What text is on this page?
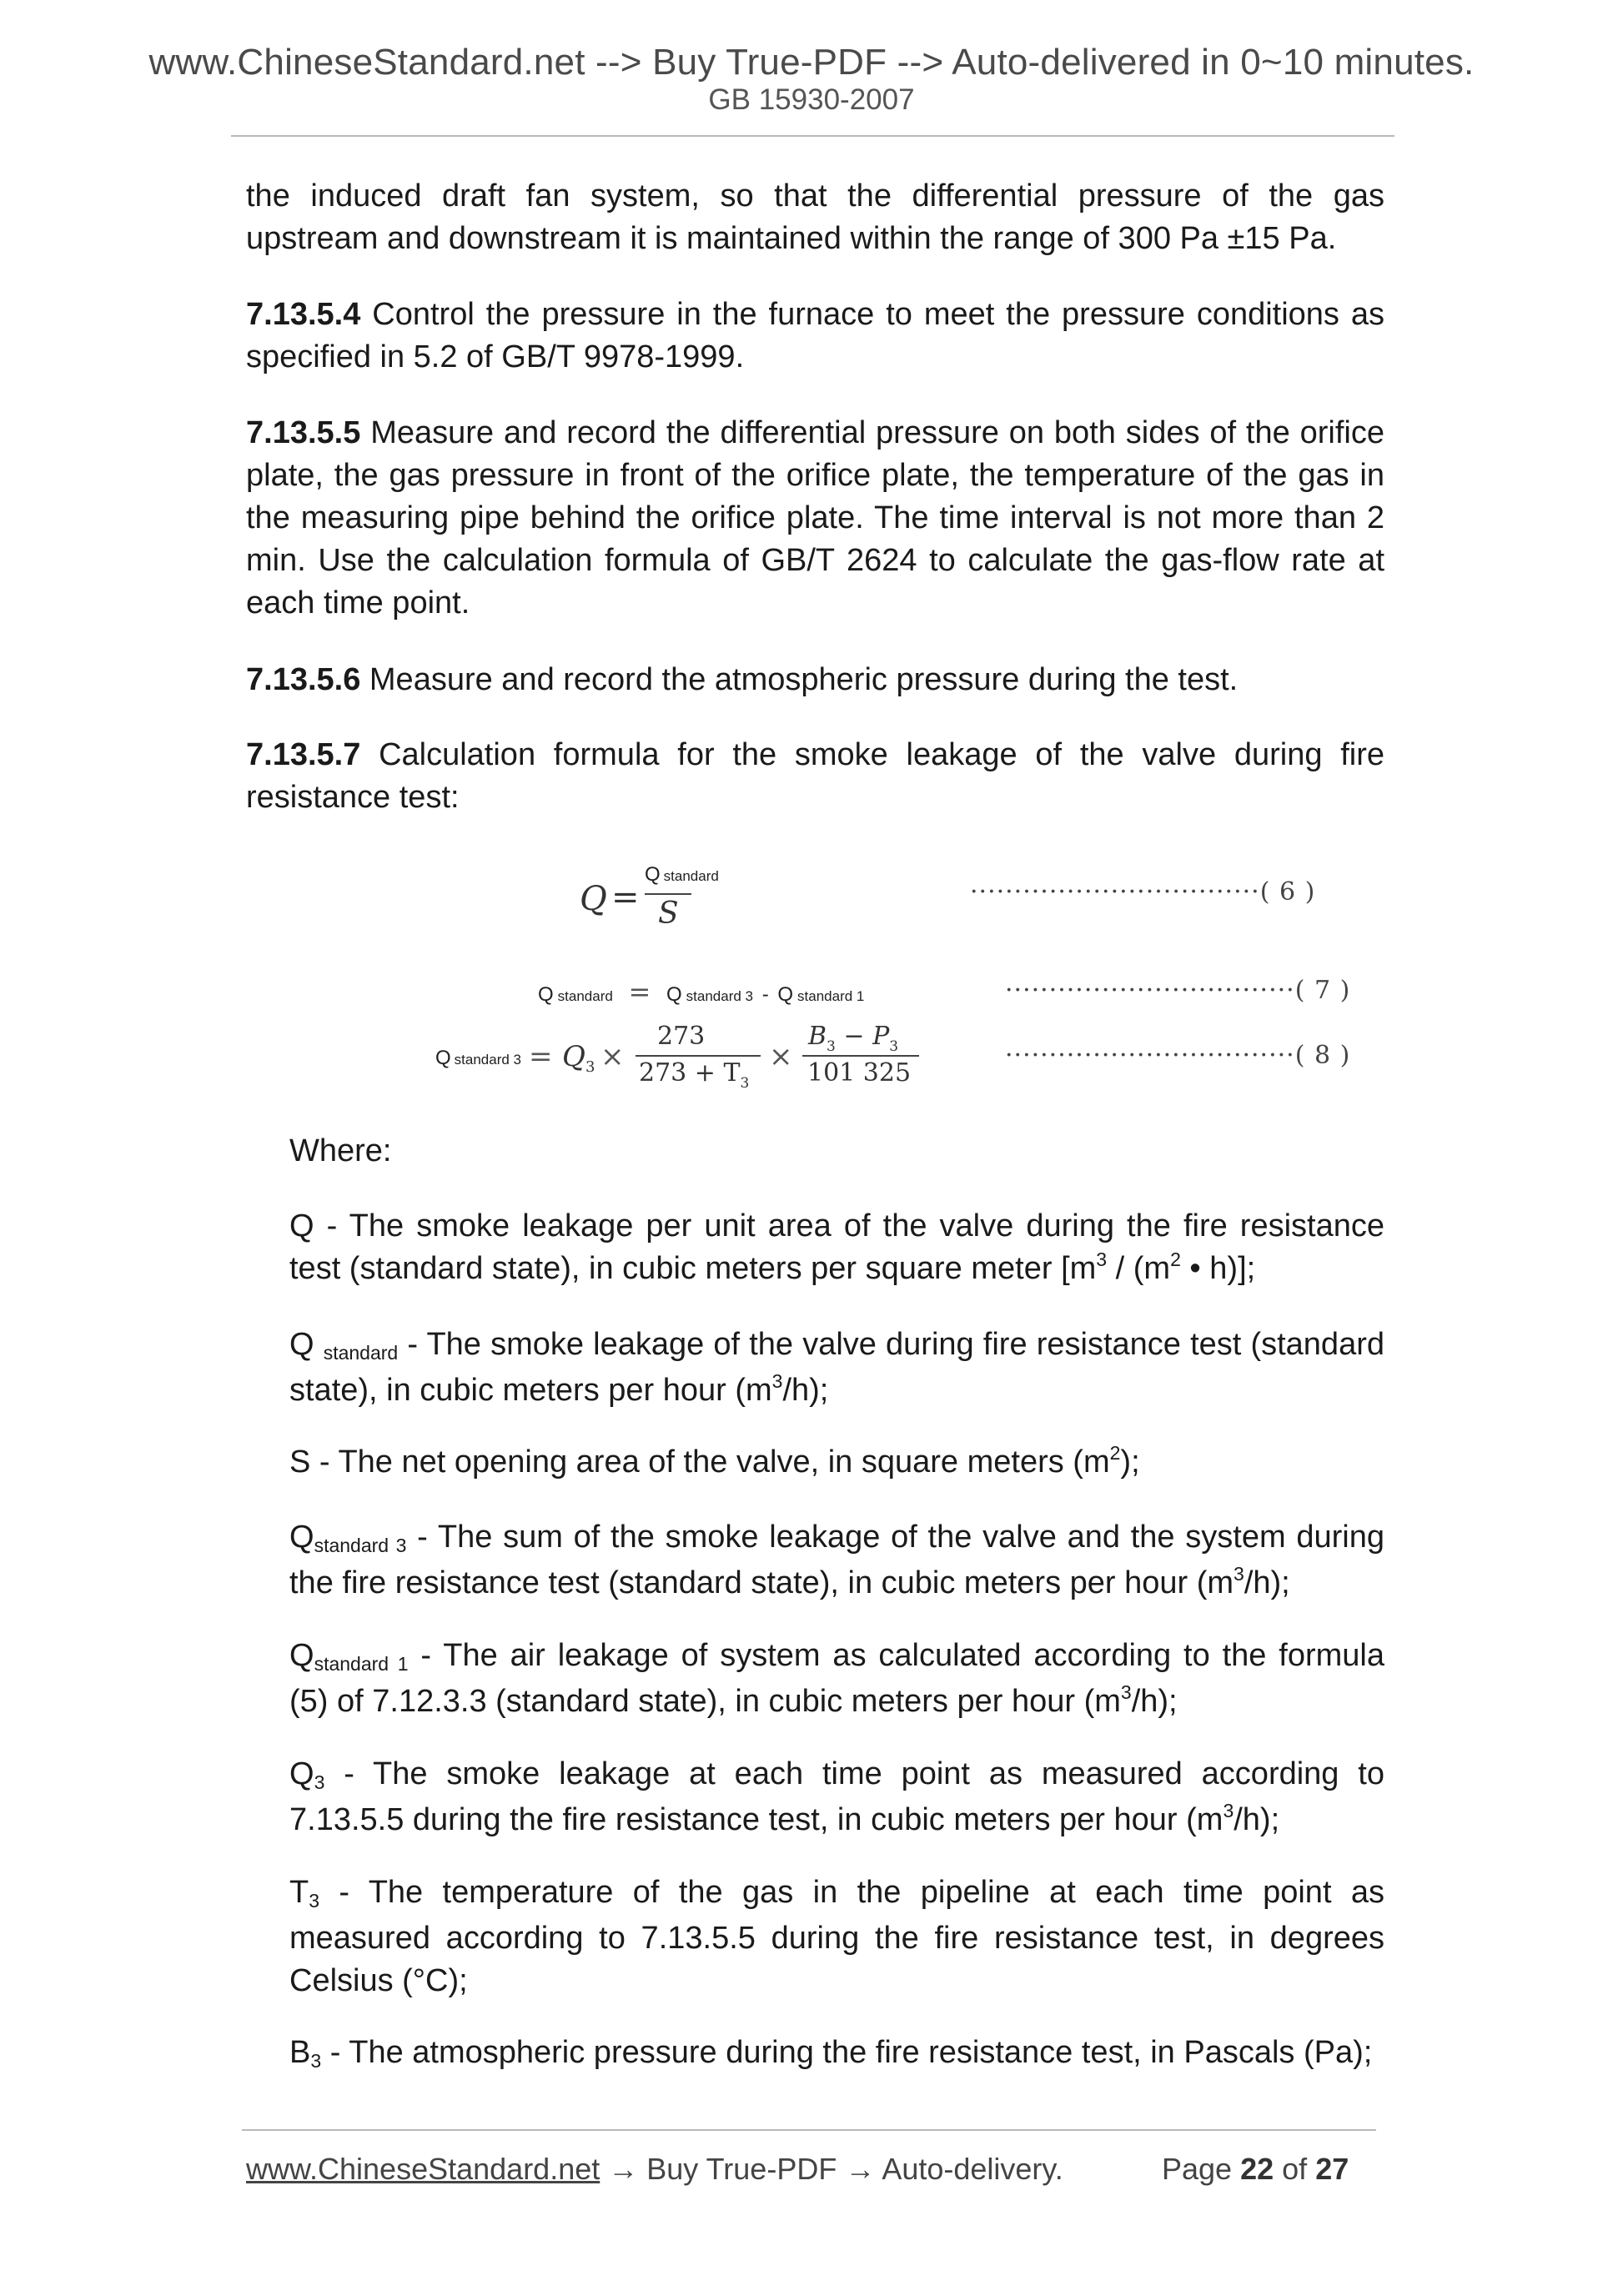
www.ChineseStandard.net --> Buy True-PDF --> Auto-delivered in 0~10 minutes.
GB 15930-2007
the induced draft fan system, so that the differential pressure of the gas upstream and downstream it is maintained within the range of 300 Pa ±15 Pa.
7.13.5.4 Control the pressure in the furnace to meet the pressure conditions as specified in 5.2 of GB/T 9978-1999.
7.13.5.5 Measure and record the differential pressure on both sides of the orifice plate, the gas pressure in front of the orifice plate, the temperature of the gas in the measuring pipe behind the orifice plate. The time interval is not more than 2 min. Use the calculation formula of GB/T 2624 to calculate the gas-flow rate at each time point.
7.13.5.6 Measure and record the atmospheric pressure during the test.
7.13.5.7 Calculation formula for the smoke leakage of the valve during fire resistance test:
Q =
Q standard
S
·································( 6 )
Q standard = Q standard 3 - Q standard 1	·································( 7 )
Q standard 3 = Q 3 ×
273
$273 + T_3$
×
$B_3 - P_3$
101 325
·································( 8 )
Where:
Q - The smoke leakage per unit area of the valve during the fire resistance test (standard state), in cubic meters per square meter [$m^3 / (m^2$ • h)];
Q standard - The smoke leakage of the valve during fire resistance test (standard state), in cubic meters per hour $(m^3/h)$;
S - The net opening area of the valve, in square meters $(m^2)$;
Qstandard 3 - The sum of the smoke leakage of the valve and the system during the fire resistance test (standard state), in cubic meters per hour $(m^3/h)$;
Qstandard 1 - The air leakage of system as calculated according to the formula (5) of 7.12.3.3 (standard state), in cubic meters per hour $(m^3/h)$;
Q3 - The smoke leakage at each time point as measured according to 7.13.5.5 during the fire resistance test, in cubic meters per hour $(m^3/h)$;
T3 - The temperature of the gas in the pipeline at each time point as measured according to 7.13.5.5 during the fire resistance test, in degrees Celsius (°C);
B3 - The atmospheric pressure during the fire resistance test, in Pascals (Pa);
www.ChineseStandard.net → Buy True-PDF → Auto-delivery.	Page 22 of 27
